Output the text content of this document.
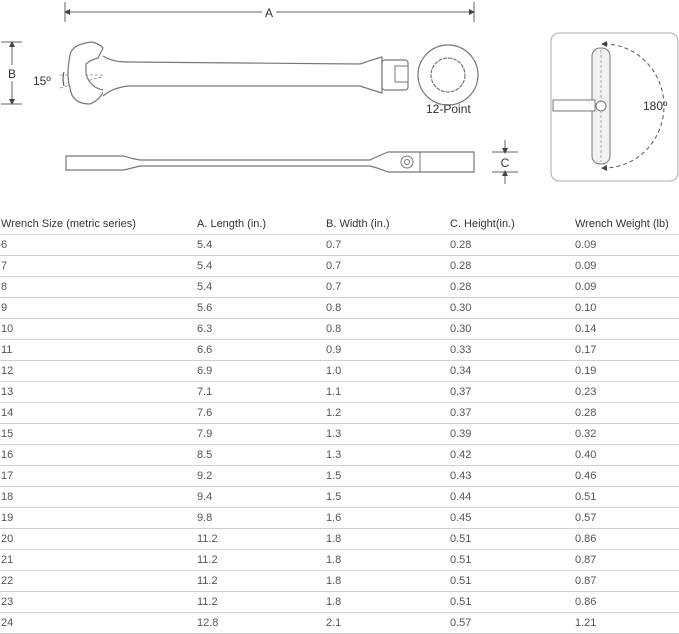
A
B 15º
12-Point
C
180º
Wrench Size (metric series)	A. Length (in.)	B. Width (in.)	C. Height(in.)	Wrench Weight (lb)
6	5.4	0.7	0.28	0.09
7	5.4	0.7	0.28	0.09
8	5.4	0.7	0.28	0.09
9	5.6	0.8	0.30	0.10
10	6.3	0.8	0.30	0.14
11	6.6	0.9	0.33	0.17
12	6.9	1.0	0.34	0.19
13	7.1	1.1	0.37	0.23
14	7.6	1.2	0.37	0.28
15	7.9	1.3	0.39	0.32
16	8.5	1.3	0.42	0.40
17	9.2	1.5	0.43	0.46
18	9.4	1.5	0.44	0.51
19	9.8	1.6	0.45	0.57
20	11.2	1.8	0.51	0.86
21	11.2	1.8	0.51	0.87
22	11.2	1.8	0.51	0.87
23	11.2	1.8	0.51	0.86
24	12.8	2.1	0.57	1.21
